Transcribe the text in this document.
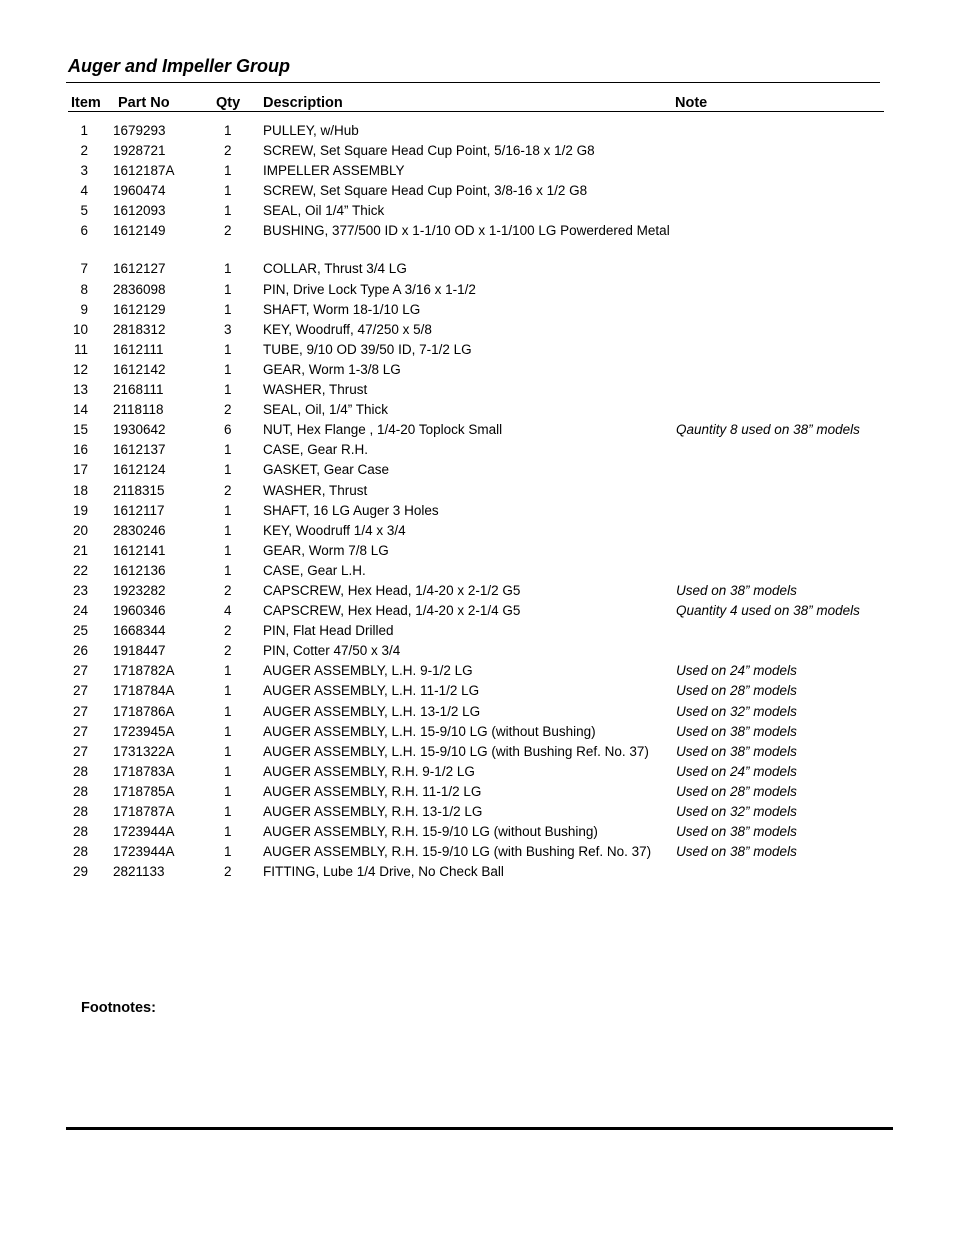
Auger and Impeller Group
Item Part No	Qty Description	Note
1 1679293	1 PULLEY, w/Hub
2 1928721	2 SCREW, Set Square Head Cup Point, 5/16-18 x 1/2 G8
3 1612187A	1 IMPELLER ASSEMBLY
4 1960474	1 SCREW, Set Square Head Cup Point, 3/8-16 x 1/2 G8
5 1612093	1 SEAL, Oil 1/4” Thick
6 1612149	2 BUSHING, 377/500 ID x 1-1/10 OD x 1-1/100 LG Powerdered Metal
7 1612127	1 COLLAR, Thrust 3/4 LG
8 2836098	1 PIN, Drive Lock Type A 3/16 x 1-1/2
9 1612129	1 SHAFT, Worm 18-1/10 LG
10 2818312	3 KEY, Woodruff, 47/250 x 5/8
11 1612111	1 TUBE, 9/10 OD 39/50 ID, 7-1/2 LG
12 1612142	1 GEAR, Worm 1-3/8 LG
13 2168111	1 WASHER, Thrust
14 2118118	2 SEAL, Oil, 1/4” Thick
15 1930642	6 NUT, Hex Flange , 1/4-20 Toplock Small	Qauntity 8 used on 38” models
16 1612137	1 CASE, Gear R.H.
17 1612124	1 GASKET, Gear Case
18 2118315	2 WASHER, Thrust
19 1612117	1 SHAFT, 16 LG Auger 3 Holes
20 2830246	1 KEY, Woodruff 1/4 x 3/4
21 1612141	1 GEAR, Worm 7/8 LG
22 1612136	1 CASE, Gear L.H.
23 1923282	2 CAPSCREW, Hex Head, 1/4-20 x 2-1/2 G5	Used on 38” models
24 1960346	4 CAPSCREW, Hex Head, 1/4-20 x 2-1/4 G5	Quantity 4 used on 38” models
25 1668344	2 PIN, Flat Head Drilled
26 1918447	2 PIN, Cotter 47/50 x 3/4
27 1718782A	1 AUGER ASSEMBLY, L.H. 9-1/2 LG	Used on 24” models
27 1718784A	1 AUGER ASSEMBLY, L.H. 11-1/2 LG	Used on 28” models
27 1718786A	1 AUGER ASSEMBLY, L.H. 13-1/2 LG	Used on 32” models
27 1723945A	1 AUGER ASSEMBLY, L.H. 15-9/10 LG (without Bushing)	Used on 38” models
27 1731322A	1 AUGER ASSEMBLY, L.H. 15-9/10 LG (with Bushing Ref. No. 37)	Used on 38” models
28 1718783A	1 AUGER ASSEMBLY, R.H. 9-1/2 LG	Used on 24” models
28 1718785A	1 AUGER ASSEMBLY, R.H. 11-1/2 LG	Used on 28” models
28 1718787A	1 AUGER ASSEMBLY, R.H. 13-1/2 LG	Used on 32” models
28 1723944A	1 AUGER ASSEMBLY, R.H. 15-9/10 LG (without Bushing)	Used on 38” models
28 1723944A	1 AUGER ASSEMBLY, R.H. 15-9/10 LG (with Bushing Ref. No. 37)	Used on 38” models
29 2821133	2 FITTING, Lube 1/4 Drive, No Check Ball
Footnotes:
